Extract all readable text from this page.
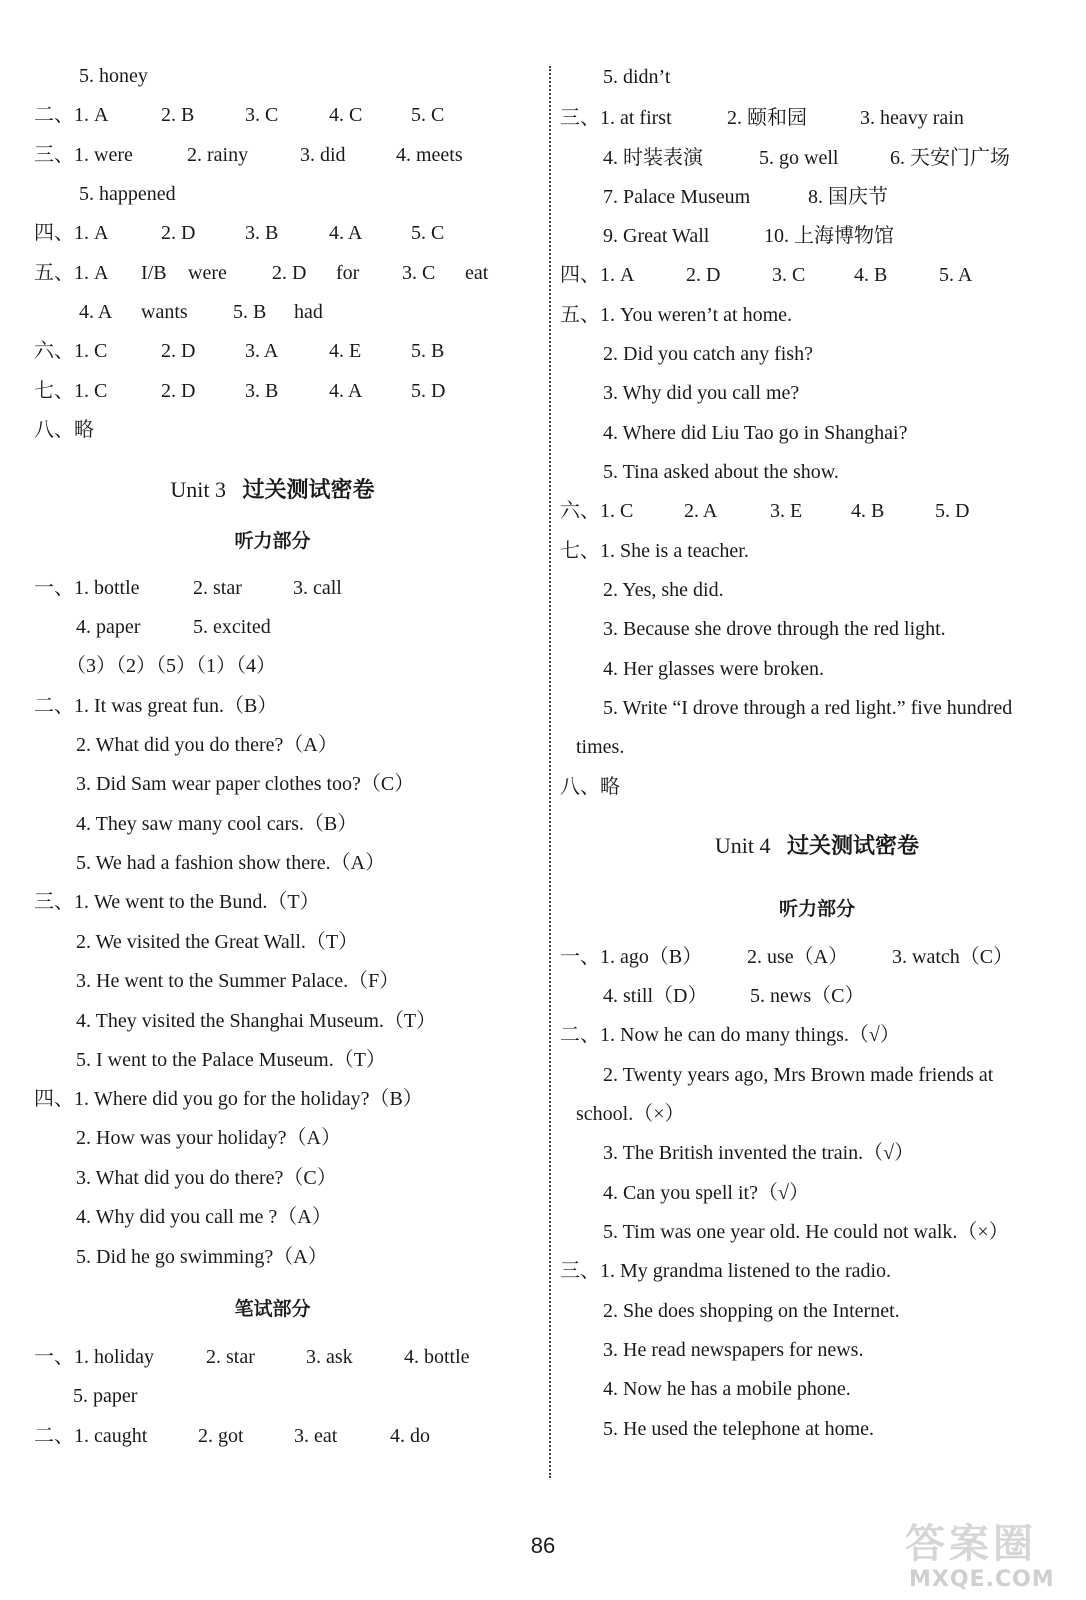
5. honey
二、1. A	2. B	3. C	4. C 5. C
三、1. were	2. rainy	3. did	4. meets
5. happened
四、1. A	2. D 3. B	4. A 5. C
五、1. A I/B were 2. D for 3. C eat
4. A wants 5. B had
六、1. C	2. D 3. A	4. E 5. B
七、1. C	2. D 3. B	4. A 5. D
八、略
Unit 3 过关测试密卷
听力部分
一、1. bottle	2. star	3. call
4. paper	5. excited
（3）（2）（5）（1）（4）
二、1. It was great fun.（B）
2. What did you do there?（A）
3. Did Sam wear paper clothes too?（C）
4. They saw many cool cars.（B）
5. We had a fashion show there.（A）
三、1. We went to the Bund.（T）
2. We visited the Great Wall.（T）
3. He went to the Summer Palace.（F）
4. They visited the Shanghai Museum.（T）
5. I went to the Palace Museum.（T）
四、1. Where did you go for the holiday?（B）
2. How was your holiday?（A）
3. What did you do there?（C）
4. Why did you call me ?（A）
5. Did he go swimming?（A）
笔试部分
一、1. holiday	2. star	3. ask	4. bottle
5. paper
二、1. caught	2. got	3. eat	4. do
5. didn’t
三、1. at first	2. 颐和园	3. heavy rain
4. 时装表演	5. go well	6. 天安门广场
7. Palace Museum	8. 国庆节
9. Great Wall	10. 上海博物馆
四、1. A	2. D	3. C 4. B	5. A
五、1. You weren’t at home.
2. Did you catch any fish?
3. Why did you call me?
4. Where did Liu Tao go in Shanghai?
5. Tina asked about the show.
六、1. C	2. A	3. E 4. B	5. D
七、1. She is a teacher.
2. Yes, she did.
3. Because she drove through the red light.
4. Her glasses were broken.
5. Write “I drove through a red light.” five hundred
times.
八、略
Unit 4 过关测试密卷
听力部分
一、1. ago（B） 2. use（A） 3. watch（C）
4. still（D） 5. news（C）
二、1. Now he can do many things.（√）
2. Twenty years ago, Mrs Brown made friends at
school.（×）
3. The British invented the train.（√）
4. Can you spell it?（√）
5. Tim was one year old. He could not walk.（×）
三、1. My grandma listened to the radio.
2. She does shopping on the Internet.
3. He read newspapers for news.
4. Now he has a mobile phone.
5. He used the telephone at home.
86	答案圈
MXQE.COM
